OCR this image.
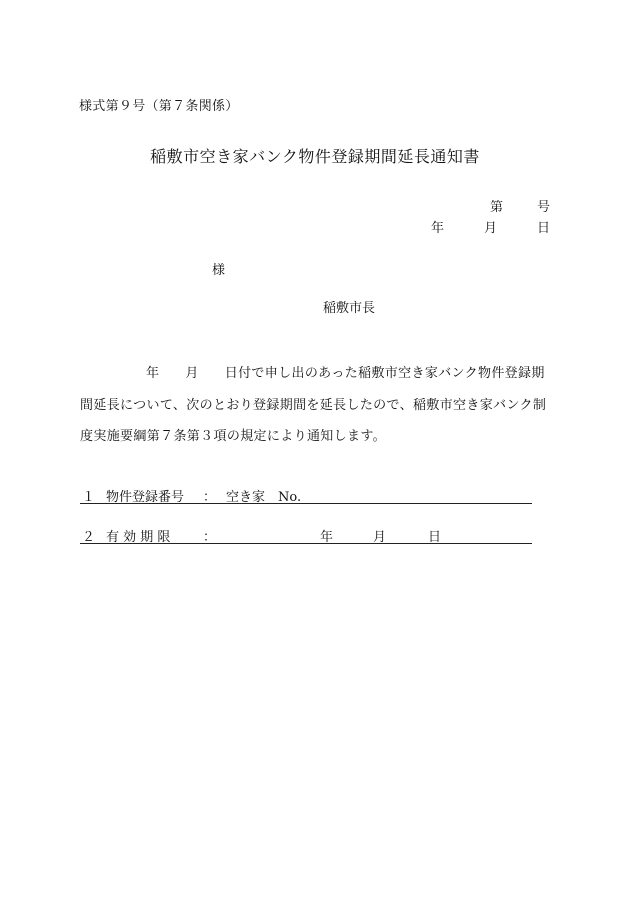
様式第９号（第７条関係）
稲敷市空き家バンク物件登録期間延長通知書
第	号
年	月	日
様
稲敷市長
年 月 日付で申し出のあった稲敷市空き家バンク物件登録期
間延長について、次のとおり登録期間を延長したので、稲敷市空き家バンク制
度実施要綱第７条第３項の規定により通知します。
１ 物件登録番号 ： 空き家　No.
２ 有 効 期 限	：	年	月	日
